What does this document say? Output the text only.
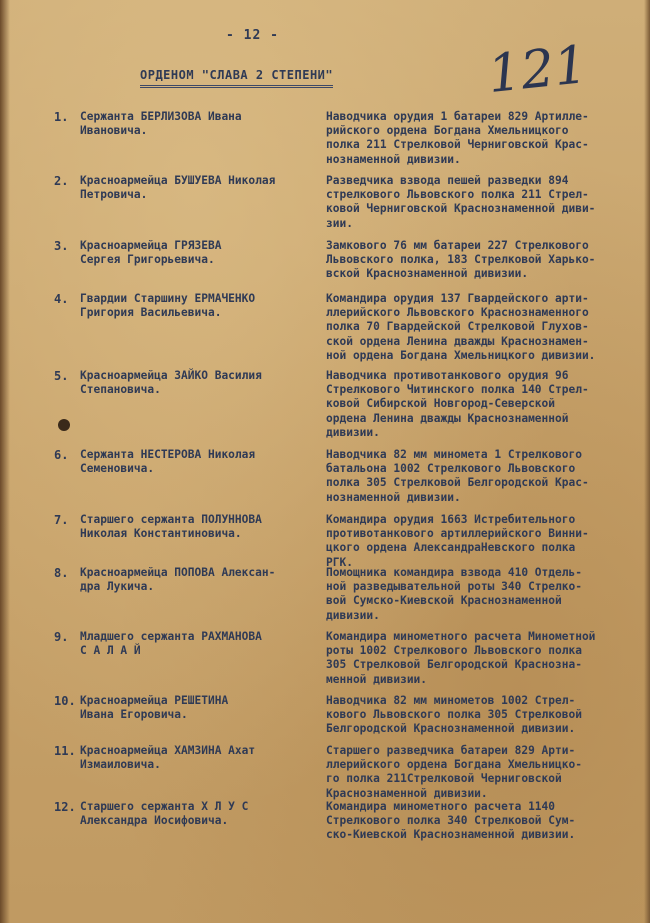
- 12 -	121
ОРДЕНОМ "СЛАВА 2 СТЕПЕНИ"
1. Сержанта БЕРЛИЗОВА Ивана
Ивановича.
Наводчика орудия 1 батареи 829 Артилле-
рийского ордена Богдана Хмельницкого
полка 211 Стрелковой Черниговской Крас-
нознаменной дивизии.
2. Красноармейца БУШУЕВА Николая
Петровича.
Разведчика взвода пешей разведки 894
стрелкового Львовского полка 211 Стрел-
ковой Черниговской Краснознаменной диви-
зии.
3. Красноармейца ГРЯЗЕВА
Сергея Григорьевича.
Замкового 76 мм батареи 227 Стрелкового
Львовского полка, 183 Стрелковой Харько-
вской Краснознаменной дивизии.
4. Гвардии Старшину ЕРМАЧЕНКО
Григория Васильевича.
Командира орудия 137 Гвардейского арти-
ллерийского Львовского Краснознаменного
полка 70 Гвардейской Стрелковой Глухов-
ской ордена Ленина дважды Краснознамен-
ной ордена Богдана Хмельницкого дивизии.
5. Красноармейца ЗАЙКО Василия
Степановича.
Наводчика противотанкового орудия 96
Стрелкового Читинского полка 140 Стрел-
ковой Сибирской Новгород-Северской
ордена Ленина дважды Краснознаменной
дивизии.
6. Сержанта НЕСТЕРОВА Николая
Семеновича.
Наводчика 82 мм миномета 1 Стрелкового
батальона 1002 Стрелкового Львовского
полка 305 Стрелковой Белгородской Крас-
нознаменной дивизии.
7. Старшего сержанта ПОЛУННОВА
Николая Константиновича.
Командира орудия 1663 Истребительного
противотанкового артиллерийского Винни-
цкого ордена АлександраНевского полка
РГК.
8. Красноармейца ПОПОВА Алексан-
дра Лукича.
Помощника командира взвода 410 Отдель-
ной разведывательной роты 340 Стрелко-
вой Сумско-Киевской Краснознаменной
дивизии.
9. Младшего сержанта РАХМАНОВА
С А Л А Й
Командира минометного расчета Минометной
роты 1002 Стрелкового Львовского полка
305 Стрелковой Белгородской Краснозна-
менной дивизии.
10. Красноармейца РЕШЕТИНА
Ивана Егоровича.
Наводчика 82 мм минометов 1002 Стрел-
кового Львовского полка 305 Стрелковой
Белгородской Краснознаменной дивизии.
11. Красноармейца ХАМЗИНА Ахат
Измаиловича.
Старшего разведчика батареи 829 Арти-
ллерийского ордена Богдана Хмельницко-
го полка 211Стрелковой Черниговской
Краснознаменной дивизии.
12. Старшего сержанта Х Л У С
Александра Иосифовича.
Командира минометного расчета 1140
Стрелкового полка 340 Стрелковой Сум-
ско-Киевской Краснознаменной дивизии.
